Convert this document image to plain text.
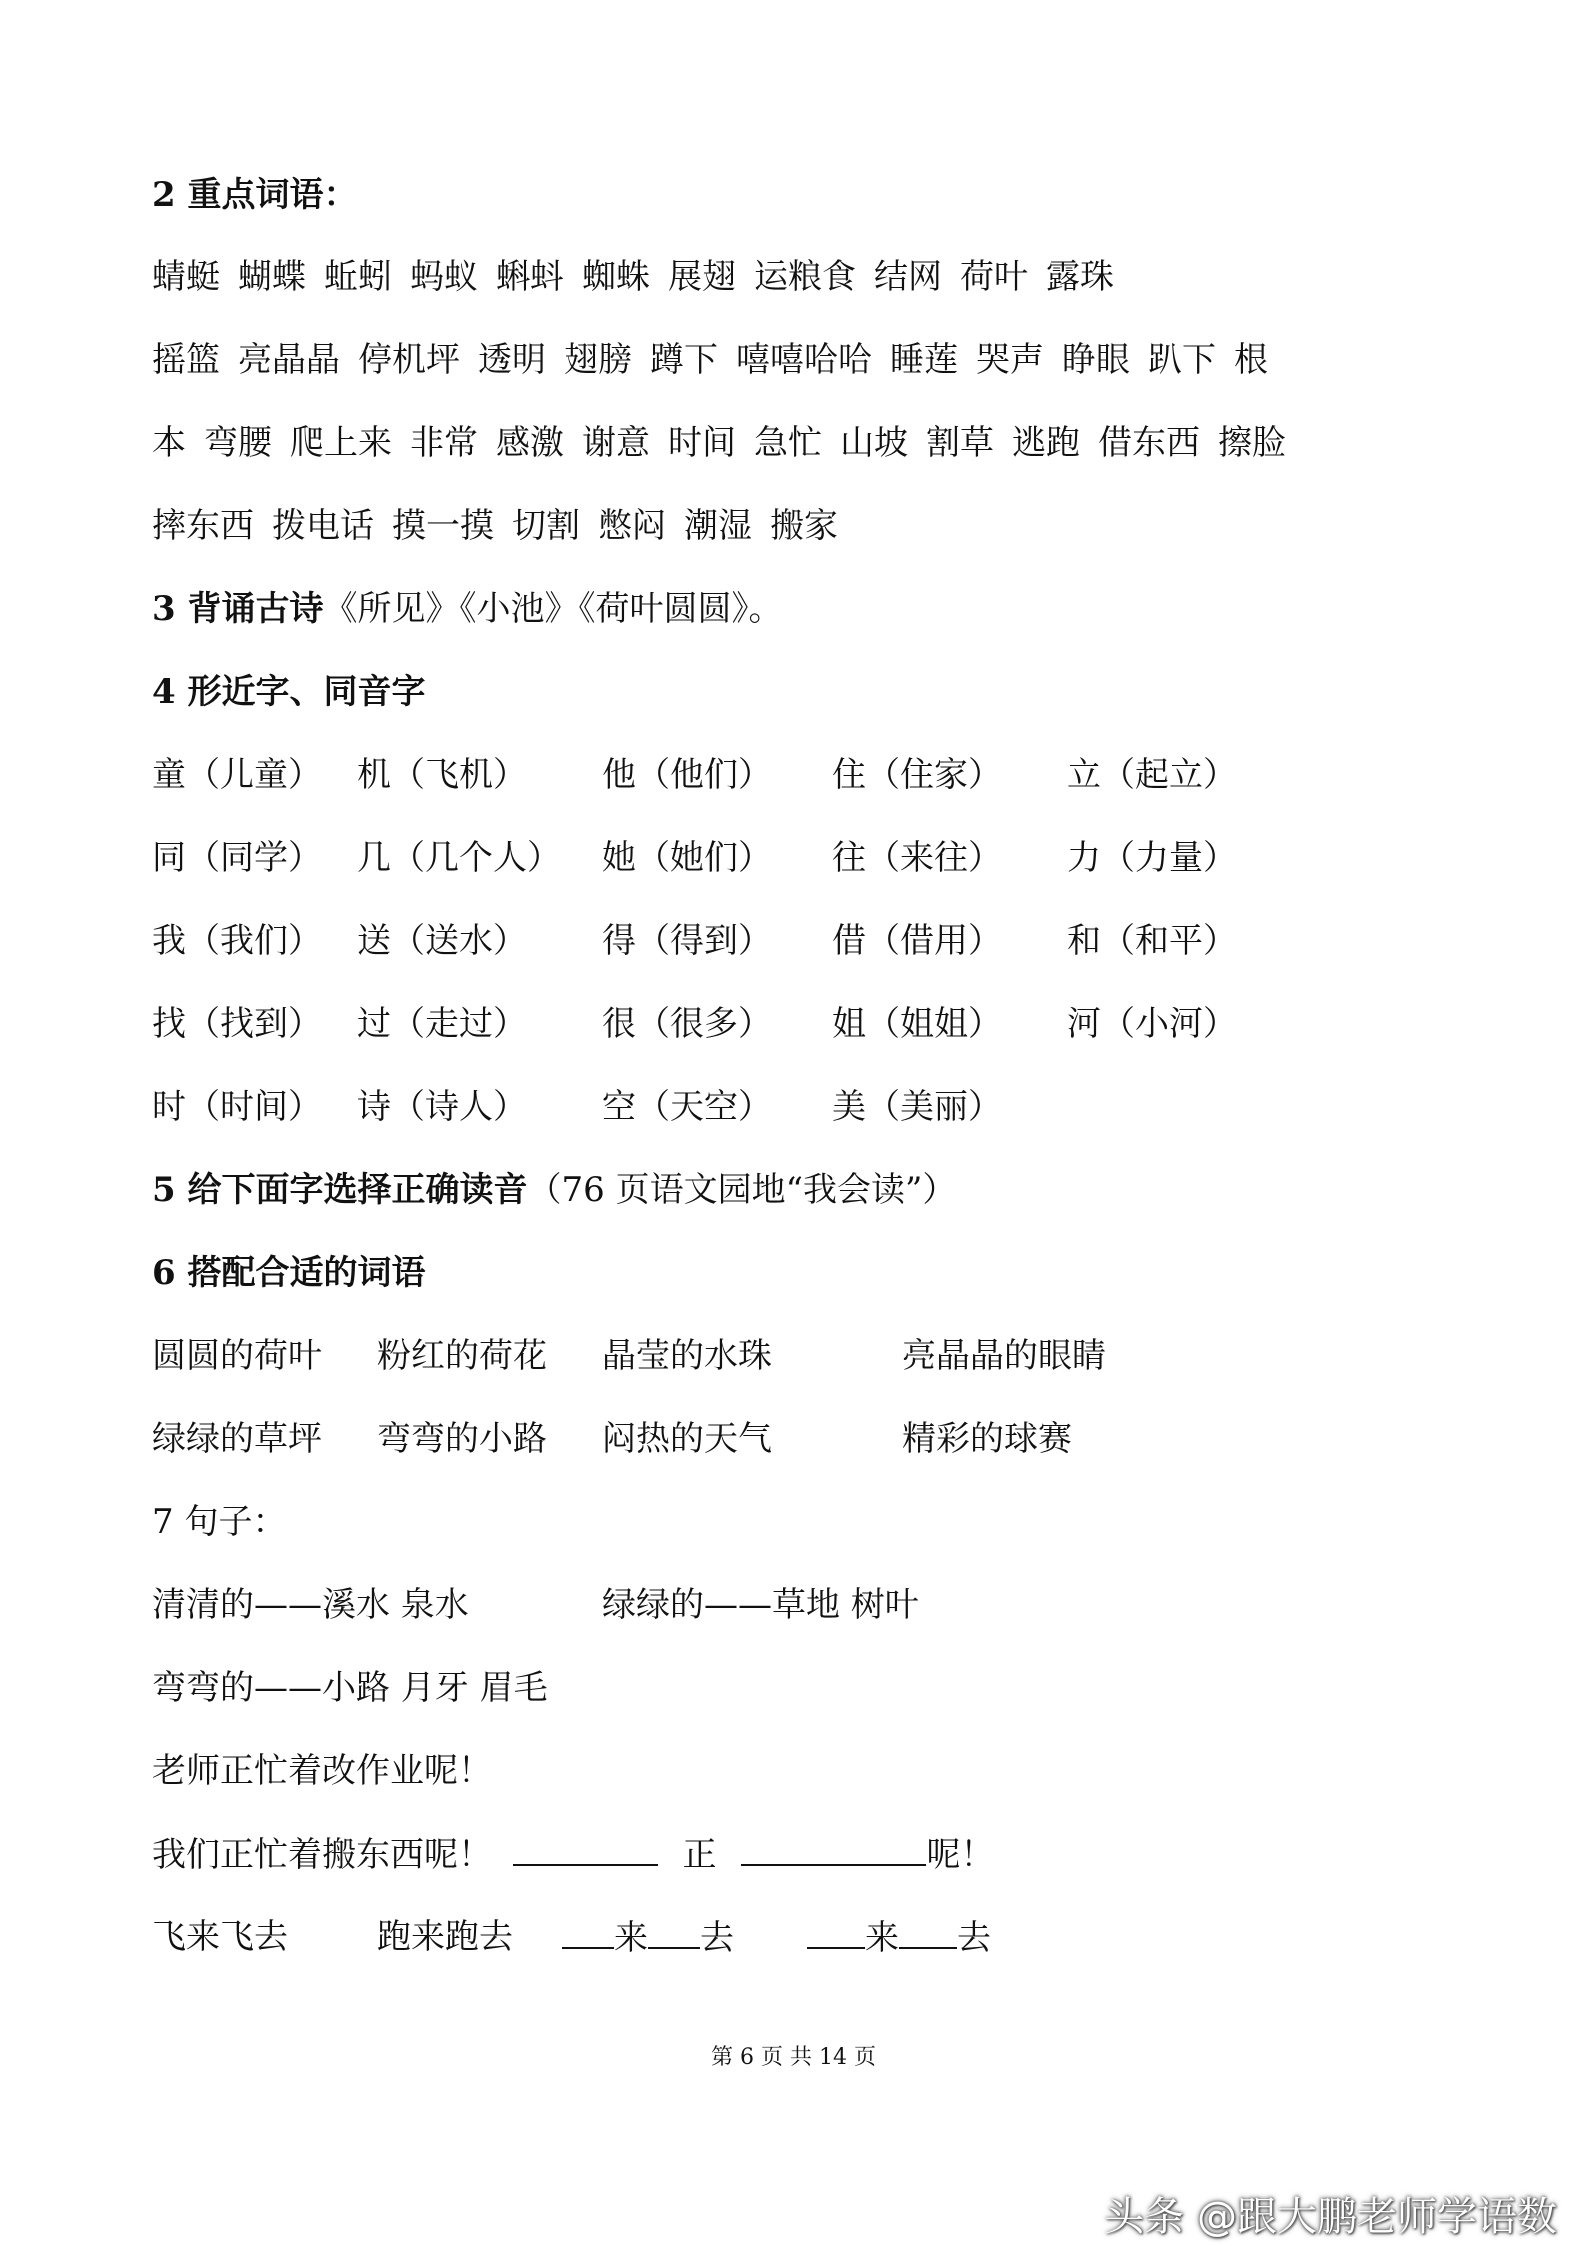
2 重点词语：
蜻蜓 蝴蝶 蚯蚓 蚂蚁 蝌蚪 蜘蛛 展翅 运粮食 结网 荷叶 露珠
摇篮 亮晶晶 停机坪 透明 翅膀 蹲下 嘻嘻哈哈 睡莲 哭声 睁眼 趴下 根
本 弯腰 爬上来 非常 感激 谢意 时间 急忙 山坡 割草 逃跑 借东西 擦脸
摔东西 拨电话 摸一摸 切割 憋闷 潮湿 搬家
3 背诵古诗《所见》《小池》《荷叶圆圆》。
4 形近字、同音字
童（儿童） 机（飞机） 他（他们） 住（住家） 立（起立）
同（同学） 几（几个人） 她（她们） 往（来往） 力（力量）
我（我们） 送（送水） 得（得到） 借（借用） 和（和平）
找（找到） 过（走过） 很（很多） 姐（姐姐） 河（小河）
时（时间） 诗（诗人） 空（天空） 美（美丽）
5 给下面字选择正确读音（76 页语文园地“我会读”）
6 搭配合适的词语
圆圆的荷叶 粉红的荷花 晶莹的水珠	亮晶晶的眼睛
绿绿的草坪 弯弯的小路 闷热的天气	精彩的球赛
7 句子：
清清的——溪水 泉水	绿绿的——草地 树叶
弯弯的——小路 月牙 眉毛
老师正忙着改作业呢！
我们正忙着搬东西呢！	正	呢！
飞来飞去	跑来跑去	来 去	来 去
第 6 页 共 14 页
头条 @跟大鹏老师学语数
